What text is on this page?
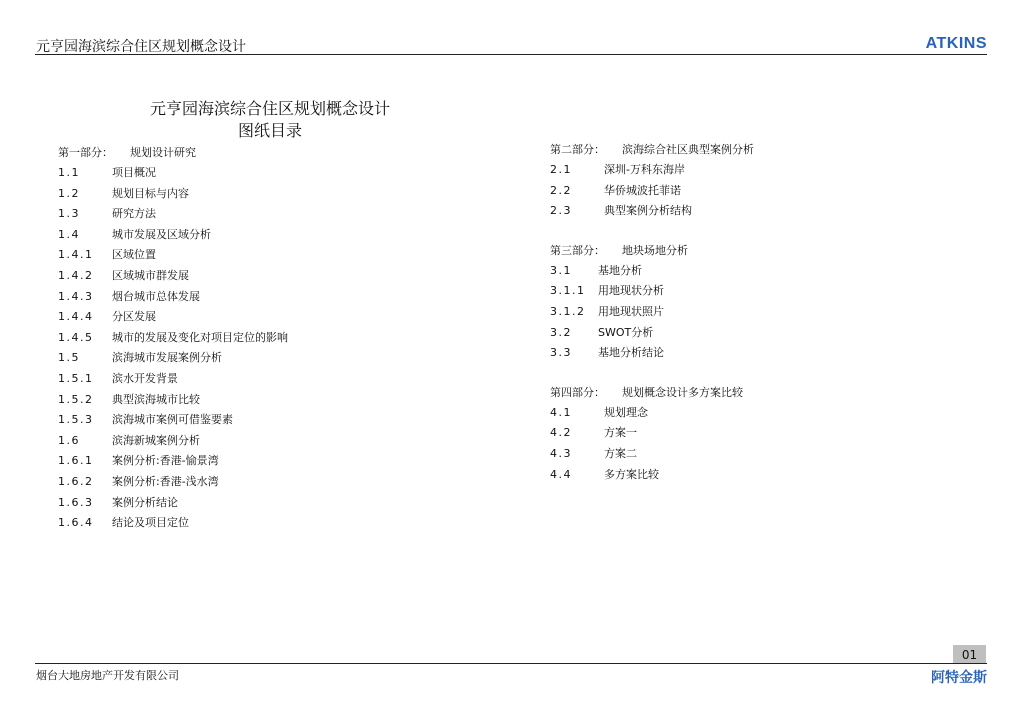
元亨园海滨综合住区规划概念设计	ATKINS
元亨园海滨综合住区规划概念设计
图纸目录
第一部分： 规划设计研究
1.1	项目概况
1.2	规划目标与内容
1.3	研究方法
1.4	城市发展及区域分析
1.4.1 区域位置
1.4.2 区域城市群发展
1.4.3 烟台城市总体发展
1.4.4 分区发展
1.4.5 城市的发展及变化对项目定位的影响
1.5	滨海城市发展案例分析
1.5.1 滨水开发背景
1.5.2 典型滨海城市比较
1.5.3 滨海城市案例可借鉴要素
1.6	滨海新城案例分析
1.6.1 案例分析:香港-愉景湾
1.6.2 案例分析:香港-浅水湾
1.6.3 案例分析结论
1.6.4 结论及项目定位
第二部分： 滨海综合社区典型案例分析
2.1	深圳-万科东海岸
2.2	华侨城波托菲诺
2.3	典型案例分析结构
第三部分： 地块场地分析
3.1 基地分析
3.1.1 用地现状分析
3.1.2 用地现状照片
3.2 SWOT分析
3.3 基地分析结论
第四部分： 规划概念设计多方案比较
4.1	规划理念
4.2	方案一
4.3	方案二
4.4	多方案比较
01
烟台大地房地产开发有限公司	阿特金斯
